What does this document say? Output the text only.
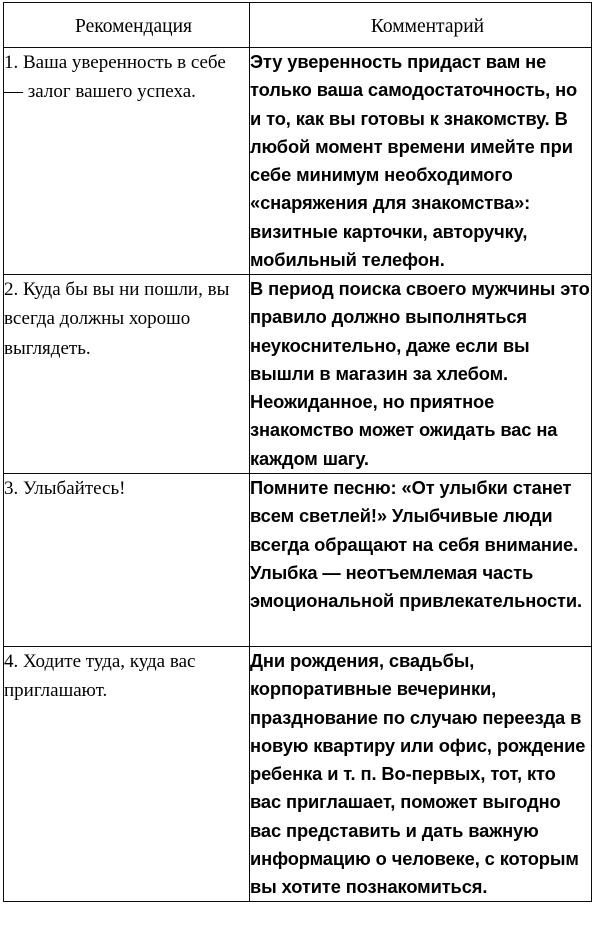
Рекомендация	Комментарий

1. Ваша уверенность в себе — залог вашего успеха.	Эту уверенность придаст вам не только ваша самодостаточность, но и то, как вы готовы к знакомству. В любой момент времени имейте при себе минимум необходимого «снаряжения для знакомства»: визитные карточки, авторучку, мобильный телефон.

2. Куда бы вы ни пошли, вы всегда должны хорошо выглядеть.	В период поиска своего мужчины это правило должно выполняться неукоснительно, даже если вы вышли в магазин за хлебом. Неожиданное, но приятное знакомство может ожидать вас на каждом шагу.

3. Улыбайтесь!	Помните песню: «От улыбки станет всем светлей!» Улыбчивые люди всегда обращают на себя внимание. Улыбка — неотъемлемая часть эмоциональной привлекательности.

4. Ходите туда, куда вас приглашают.	Дни рождения, свадьбы, корпоративные вечеринки, празднование по случаю переезда в новую квартиру или офис, рождение ребенка и т. п. Во-первых, тот, кто вас приглашает, поможет выгодно вас представить и дать важную информацию о человеке, с которым вы хотите познакомиться.
